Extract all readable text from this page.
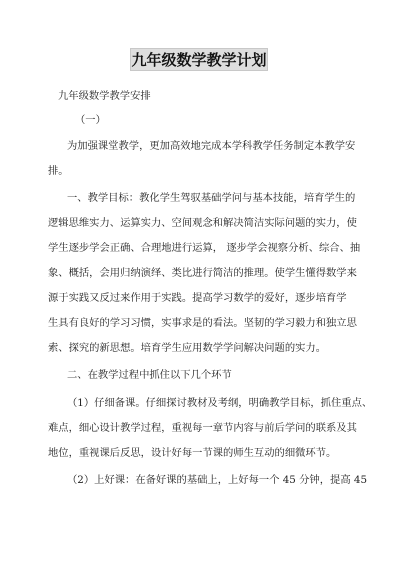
九年级数学教学计划
九年级数学教学安排
（一）
为加强课堂教学，更加高效地完成本学科教学任务制定本教学安
排。
一、教学目标：教化学生驾驭基础学问与基本技能，培育学生的
逻辑思维实力、运算实力、空间观念和解决简洁实际问题的实力，使
学生逐步学会正确、合理地进行运算， 逐步学会视察分析、综合、抽
象、概括，会用归纳演绎、类比进行简洁的推理。使学生懂得数学来
源于实践又反过来作用于实践。提高学习数学的爱好，逐步培育学
生具有良好的学习习惯，实事求是的看法。坚韧的学习毅力和独立思
索、探究的新思想。培育学生应用数学学问解决问题的实力。
二、在教学过程中抓住以下几个环节
（1）仔细备课。仔细探讨教材及考纲，明确教学目标，抓住重点、
难点，细心设计教学过程，重视每一章节内容与前后学问的联系及其
地位，重视课后反思，设计好每一节课的师生互动的细微环节。
（2）上好课：在备好课的基础上，上好每一个 45 分钟，提高 45
